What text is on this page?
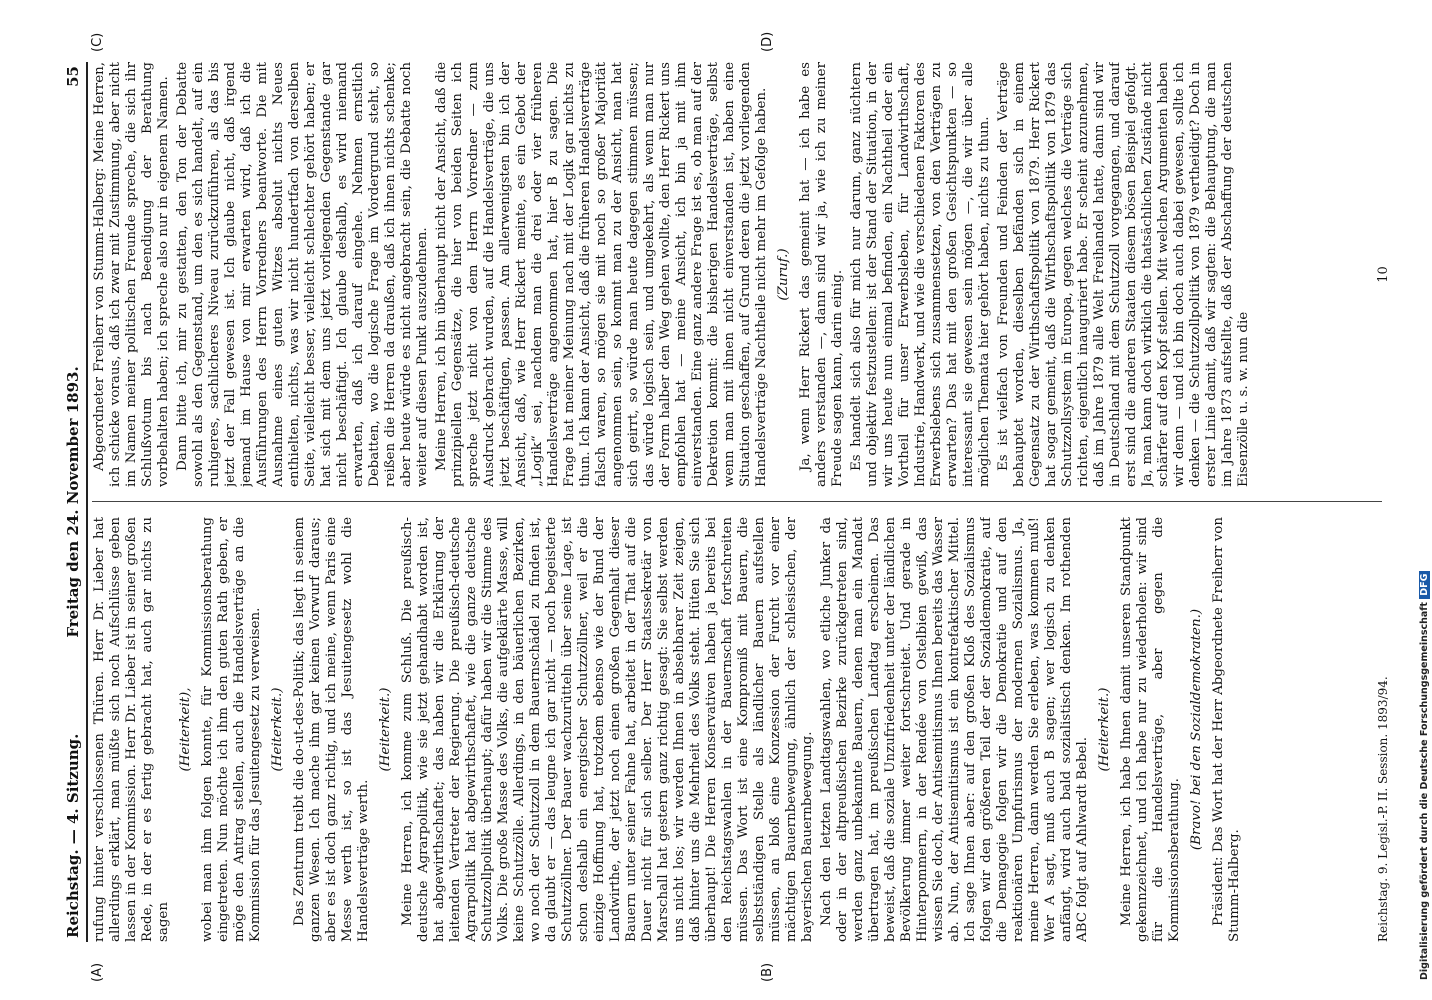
Reichstag. — 4. Sitzung.
Freitag den 24. November 1893.
55

rufung hinter verschlossenen Thüren. Herr Dr. Lieber hat allerdings erklärt, man müßte sich noch Aufschlüsse geben lassen in der Kommission. Herr Dr. Lieber ist in seiner großen Rede, in der er es fertig gebracht hat, auch gar nichts zu sagen

(Heiterkeit), wobei man ihm folgen konnte, für Kommissionsberathung eingetreten. Nun möchte ich ihm den guten Rath geben, er möge den Antrag stellen, auch die Handelsverträge an die Kommission für das Jesuitengesetz zu verweisen. (Heiterkeit.) Das Zentrum treibt die do-ut-des-Politik; das liegt in seinem ganzen Wesen. Ich mache ihm gar keinen Vorwurf daraus; aber es ist doch ganz richtig, und ich meine, wenn Paris eine Messe werth ist, so ist das Jesuitengesetz wohl die Handelsverträge werth.

(Heiterkeit.) Meine Herren, ich komme zum Schluß. Die preußisch-deutsche Agrarpolitik, wie sie jetzt gehandhabt worden ist, hat abgewirthschaftet; das haben wir die Erklärung der leitenden Vertreter der Regierung. Die preußisch-deutsche Agrarpolitik hat abgewirthschaftet, wie die ganze deutsche Schutzzollpolitik überhaupt; dafür haben wir die Stimme des Volks. Die große Masse des Volks, die aufgeklärte Masse, will keine Schutzzölle. Allerdings, in den bäuerlichen Bezirken, wo noch der Schutzzoll in dem Bauernschädel zu finden ist, da glaubt er — das leugne ich gar nicht — noch begeisterte Schutzzöllner. Der Bauer wachzurütteln über seine Lage, ist schon deshalb ein energischer Schutzzöllner, weil er die einzige Hoffnung hat, trotzdem ebenso wie der Bund der Landwirthe, der jetzt noch einen großen Gegenhalt dieser Bauern unter seiner Fahne hat, arbeitet in der That auf die Dauer nicht für sich selber. Der Herr Staatssekretär von Marschall hat gestern ganz richtig gesagt: Sie selbst werden uns nicht los; wir werden Ihnen in absehbarer Zeit zeigen, daß hinter uns die Mehrheit des Volks steht. Hüten Sie sich überhaupt! Die Herren Konservativen haben ja bereits bei den Reichstagswahlen in der Bauernschaft fortschreiten müssen. Das Wort ist eine Kompromiß mit Bauern, die selbstständigen Stelle als ländlicher Bauern aufstellen müssen, an bloß eine Konzession der Furcht vor einer mächtigen Bauernbewegung, ähnlich der schlesischen, der bayerischen Bauernbewegung. Nach den letzten Landtagswahlen, wo etliche Junker da oder in der altpreußischen Bezirke zurückgetreten sind, werden ganz unbekannte Bauern, denen man ein Mandat übertragen hat, im preußischen Landtag erscheinen. Das beweist, daß die soziale Unzufriedenheit unter der ländlichen Bevölkerung immer weiter fortschreitet. Und gerade in Hinterpommern, in der Rendée von Ostelbien gewiß, das wissen Sie doch, der Antisemitismus Ihnen bereits das Wasser ab. Nun, der Antisemitismus ist ein kontrefaktischer Mittel. Ich sage Ihnen aber: auf den großen Kloß des Sozialismus folgen wir den größeren Teil der der Sozialdemokratie, auf die Demagogie folgen wir die Demokratie und auf den reaktionären Umpfurismus der modernen Sozialismus. Ja, meine Herren, dann werden Sie erleben, was kommen muß! Wer A sagt, muß auch B sagen; wer logisch zu denken anfängt, wird auch bald sozialistisch denken. Im rothenden ABC folgt auf Ahlwardt Bebel.

(Heiterkeit.) Meine Herren, ich habe Ihnen damit unseren Standpunkt gekennzeichnet, und ich habe nur zu wiederholen: wir sind für die Handelsverträge, aber gegen die Kommissionsberathung.

(Bravo! bei den Sozialdemokraten.) Präsident: Das Wort hat der Herr Abgeordnete Freiherr von Stumm-Halberg.	Reichstag. 9. Legisl.-P. II. Session. 1893/94.

Abgeordneter Freiherr von Stumm-Halberg: Meine Herren, ich schicke voraus, daß ich zwar mit Zustimmung, aber nicht im Namen meiner politischen Freunde spreche, die sich ihr Schlußvotum bis nach Beendigung der Berathung vorbehalten haben; ich spreche also nur in eigenem Namen. Dann bitte ich, mir zu gestatten, den Ton der Debatte sowohl als den Gegenstand, um den es sich handelt, auf ein ruhigeres, sachlicheres Niveau zurückzuführen, als das bis jetzt der Fall gewesen ist. Ich glaube nicht, daß irgend jemand im Hause von mir erwarten wird, daß ich die Ausführungen des Herrn Vorredners beantworte. Die mit Ausnahme eines guten Witzes absolut nichts Neues enthielten, nichts, was wir nicht hundertfach von derselben Seite, vielleicht besser, vielleicht schlechter gehört haben; er hat sich mit dem uns jetzt vorliegenden Gegenstande gar nicht beschäftigt. Ich glaube deshalb, es wird niemand erwarten, daß ich darauf eingehe. Nehmen ernstlich Debatten, wo die logische Frage im Vordergrund steht, so reißen die Herren da draußen, daß ich ihnen nichts schenke; aber heute würde es nicht angebracht sein, die Debatte noch weiter auf diesen Punkt auszudehnen. Meine Herren, ich bin überhaupt nicht der Ansicht, daß die prinzipiellen Gegensätze, die hier von beiden Seiten ich spreche jetzt nicht von dem Herrn Vorredner — zum Ausdruck gebracht wurden, auf die Handelsverträge, die uns jetzt beschäftigen, passen. Am allerwenigsten bin ich der Ansicht, daß, wie Herr Rickert meinte, es ein Gebot der „Logik“ sei, nachdem man die drei oder vier früheren Handelsverträge angenommen hat, hier B zu sagen. Die Frage hat meiner Meinung nach mit der Logik gar nichts zu thun. Ich kann der Ansicht, daß die früheren Handelsverträge falsch waren, so mögen sie mit noch so großer Majorität angenommen sein, so kommt man zu der Ansicht, man hat sich geirrt, so würde man heute dagegen stimmen müssen; das würde logisch sein, und umgekehrt, als wenn man nur der Form halber den Weg gehen wollte, den Herr Rickert uns empfohlen hat — meine Ansicht, ich bin ja mit ihm einverstanden. Eine ganz andere Frage ist es, ob man auf der Dekretion kommt: die bisherigen Handelsverträge, selbst wenn man mit ihnen nicht einverstanden ist, haben eine Situation geschaffen, auf Grund deren die jetzt vorliegenden Handelsverträge Nachtheile nicht mehr im Gefolge haben. (Zuruf.) Ja, wenn Herr Rickert das gemeint hat — ich habe es anders verstanden —, dann sind wir ja, wie ich zu meiner Freude sagen kann, darin einig. Es handelt sich also für mich nur darum, ganz nüchtern und objektiv festzustellen: ist der Stand der Situation, in der wir uns heute nun einmal befinden, ein Nachtheil oder ein Vortheil für unser Erwerbsleben, für Landwirthschaft, Industrie, Handwerk, und wie die verschiedenen Faktoren des Erwerbslebens sich zusammensetzen, von den Verträgen zu erwarten? Das hat mit den großen Gesichtspunkten — so interessant sie gewesen sein mögen —, die wir über alle möglichen Themata hier gehört haben, nichts zu thun. Es ist vielfach von Freunden und Feinden der Verträge behauptet worden, dieselben befänden sich in einem Gegensatz zu der Wirthschaftspolitik von 1879. Herr Rickert hat sogar gemeint, daß die Wirthschaftspolitik von 1879 das Schutzzollsystem in Europa, gegen welches die Verträge sich richten, eigentlich inauguriert habe. Er scheint anzunehmen, daß im Jahre 1879 alle Welt Freihandel hatte, dann sind wir in Deutschland mit dem Schutzzoll vorgegangen, und darauf erst sind die anderen Staaten diesem bösen Beispiel gefolgt. Ja, man kann doch wirklich die thatsächlichen Zustände nicht schärfer auf den Kopf stellen. Mit welchen Argumenten haben wir denn — und ich bin doch auch dabei gewesen, sollte ich denken — die Schutzzollpolitik von 1879 vertheidigt? Doch in erster Linie damit, daß wir sagten: die Behauptung, die man im Jahre 1873 aufstellte, daß der Abschaffung der deutschen Eisenzölle u. s. w. nun die

10
(A)	(B)
(C)	(D)
Digitalisierung gefördert durch die Deutsche Forschungsgemeinschaft DFG
